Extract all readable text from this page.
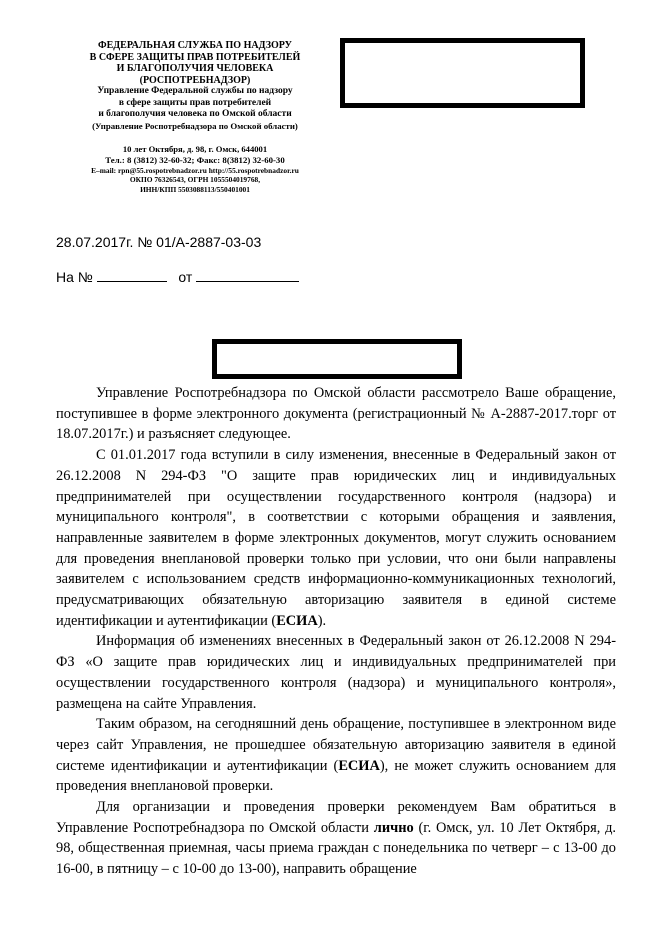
ФЕДЕРАЛЬНАЯ СЛУЖБА ПО НАДЗОРУ
В СФЕРЕ ЗАЩИТЫ ПРАВ ПОТРЕБИТЕЛЕЙ
И БЛАГОПОЛУЧИЯ ЧЕЛОВЕКА
(РОСПОТРЕБНАДЗОР)
Управление Федеральной службы по надзору
в сфере защиты прав потребителей
и благополучия человека по Омской области
(Управление Роспотребнадзора по Омской области)
10 лет Октября, д. 98, г. Омск, 644001
Тел.: 8 (3812) 32-60-32; Факс: 8(3812) 32-60-30
E–mail: rpn@55.rospotrebnadzor.ru http://55.rospotrebnadzor.ru
ОКПО 76326543, ОГРН 1055504019768,
ИНН/КПП 5503088113/550401001
28.07.2017г. № 01/А-2887-03-03
На №	от

Управление Роспотребнадзора по Омской области рассмотрело Ваше обращение, поступившее в форме электронного документа (регистрационный № А-2887-2017.торг от 18.07.2017г.) и разъясняет следующее.

С 01.01.2017 года вступили в силу изменения, внесенные в Федеральный закон от 26.12.2008 N 294-ФЗ "О защите прав юридических лиц и индивидуальных предпринимателей при осуществлении государственного контроля (надзора) и муниципального контроля", в соответствии с которыми обращения и заявления, направленные заявителем в форме электронных документов, могут служить основанием для проведения внеплановой проверки только при условии, что они были направлены заявителем с использованием средств информационно-коммуникационных технологий, предусматривающих обязательную авторизацию заявителя в единой системе идентификации и аутентификации (ЕСИА).

Информация об изменениях внесенных в Федеральный закон от 26.12.2008 N 294-ФЗ «О защите прав юридических лиц и индивидуальных предпринимателей при осуществлении государственного контроля (надзора) и муниципального контроля», размещена на сайте Управления.

Таким образом, на сегодняшний день обращение, поступившее в электронном виде через сайт Управления, не прошедшее обязательную авторизацию заявителя в единой системе идентификации и аутентификации (ЕСИА), не может служить основанием для проведения внеплановой проверки.

Для организации и проведения проверки рекомендуем Вам обратиться в Управление Роспотребнадзора по Омской области лично (г. Омск, ул. 10 Лет Октября, д. 98, общественная приемная, часы приема граждан с понедельника по четверг – с 13-00 до 16-00, в пятницу – с 10-00 до 13-00), направить обращение
